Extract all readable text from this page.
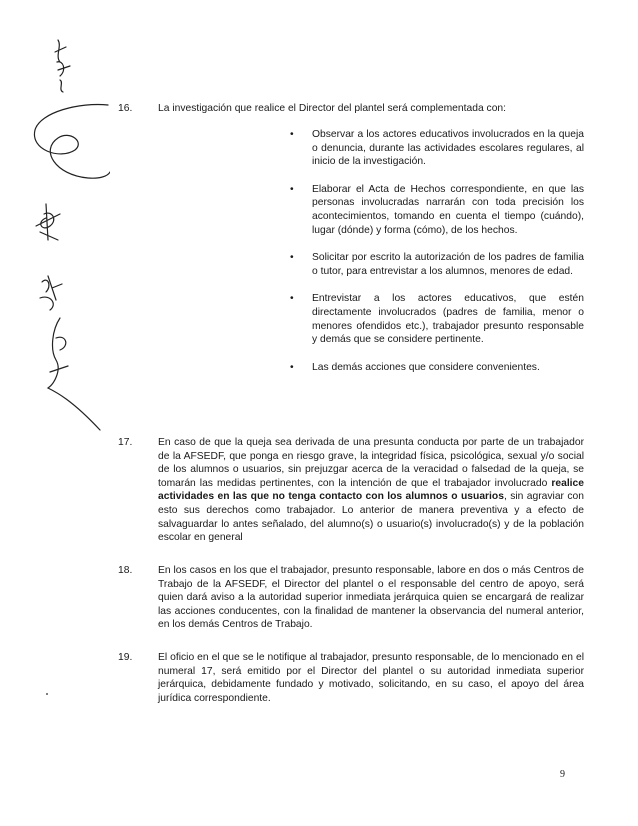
16. La investigación que realice el Director del plantel será complementada con:
• Observar a los actores educativos involucrados en la queja o denuncia, durante las actividades escolares regulares, al inicio de la investigación.
• Elaborar el Acta de Hechos correspondiente, en que las personas involucradas narrarán con toda precisión los acontecimientos, tomando en cuenta el tiempo (cuándo), lugar (dónde) y forma (cómo), de los hechos.
• Solicitar por escrito la autorización de los padres de familia o tutor, para entrevistar a los alumnos, menores de edad.
• Entrevistar a los actores educativos, que estén directamente involucrados (padres de familia, menor o menores ofendidos etc.), trabajador presunto responsable y demás que se considere pertinente.
• Las demás acciones que considere convenientes.
17. En caso de que la queja sea derivada de una presunta conducta por parte de un trabajador de la AFSEDF, que ponga en riesgo grave, la integridad física, psicológica, sexual y/o social de los alumnos o usuarios, sin prejuzgar acerca de la veracidad o falsedad de la queja, se tomarán las medidas pertinentes, con la intención de que el trabajador involucrado realice actividades en las que no tenga contacto con los alumnos o usuarios, sin agraviar con esto sus derechos como trabajador. Lo anterior de manera preventiva y a efecto de salvaguardar lo antes señalado, del alumno(s) o usuario(s) involucrado(s) y de la población escolar en general
18. En los casos en los que el trabajador, presunto responsable, labore en dos o más Centros de Trabajo de la AFSEDF, el Director del plantel o el responsable del centro de apoyo, será quien dará aviso a la autoridad superior inmediata jerárquica quien se encargará de realizar las acciones conducentes, con la finalidad de mantener la observancia del numeral anterior, en los demás Centros de Trabajo.
19. El oficio en el que se le notifique al trabajador, presunto responsable, de lo mencionado en el numeral 17, será emitido por el Director del plantel o su autoridad inmediata superior jerárquica, debidamente fundado y motivado, solicitando, en su caso, el apoyo del área jurídica correspondiente.
9
